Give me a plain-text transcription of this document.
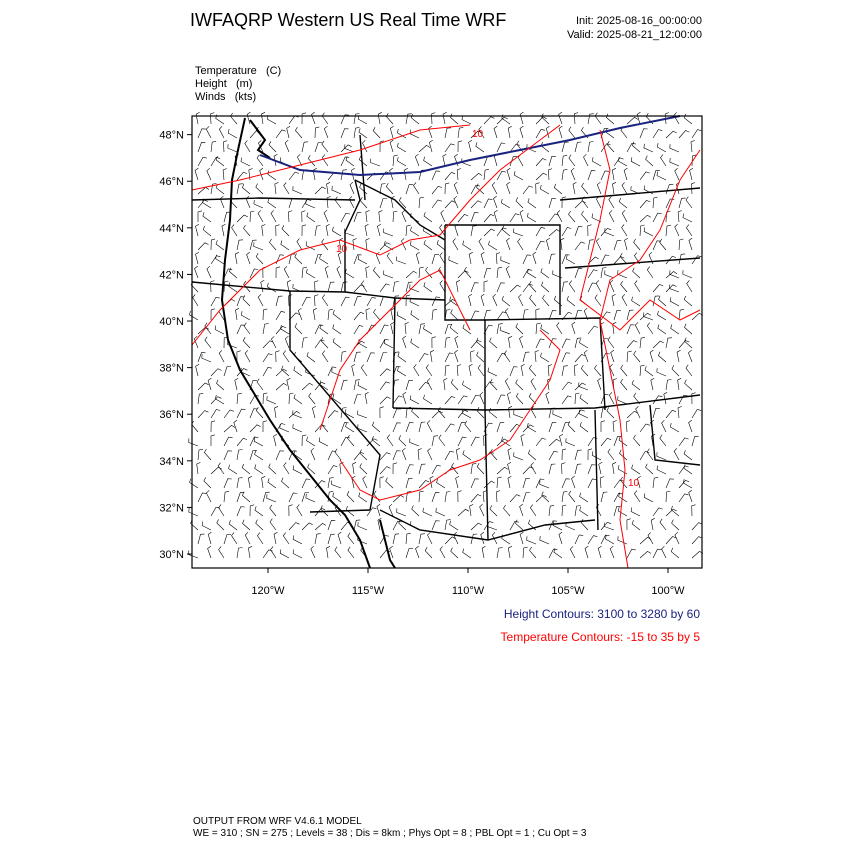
IWFAQRP Western US Real Time WRF	Init: 2025-08-16_00:00:00
Valid: 2025-08-21_12:00:00
Temperature (C)
Height (m)
Winds (kts)
10
10
10
48°N
46°N
44°N
42°N
40°N
38°N
36°N
34°N
32°N
30°N
120°W	115°W	110°W	105°W	100°W
Height Contours: 3100 to 3280 by 60
Temperature Contours: -15 to 35 by 5
OUTPUT FROM WRF V4.6.1 MODEL
WE = 310 ; SN = 275 ; Levels = 38 ; Dis = 8km ; Phys Opt = 8 ; PBL Opt = 1 ; Cu Opt = 3
